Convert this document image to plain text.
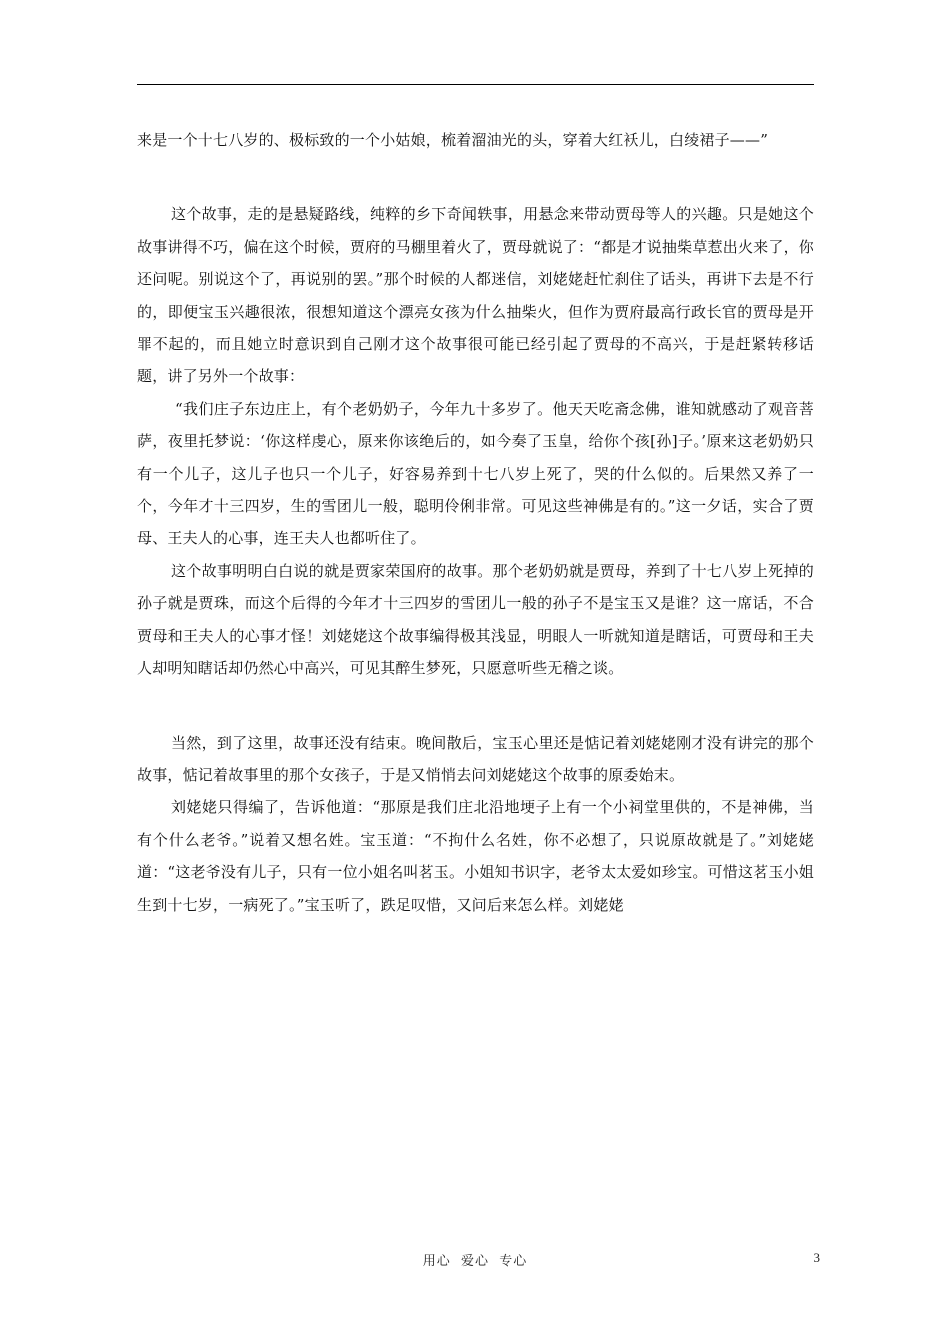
来是一个十七八岁的、极标致的一个小姑娘，梳着溜油光的头，穿着大红袄儿，白绫裙子——”

这个故事，走的是悬疑路线，纯粹的乡下奇闻轶事，用悬念来带动贾母等人的兴趣。只是她这个故事讲得不巧，偏在这个时候，贾府的马棚里着火了，贾母就说了：“都是才说抽柴草惹出火来了，你还问呢。别说这个了，再说别的罢。”那个时候的人都迷信，刘姥姥赶忙刹住了话头，再讲下去是不行的，即便宝玉兴趣很浓，很想知道这个漂亮女孩为什么抽柴火，但作为贾府最高行政长官的贾母是开罪不起的，而且她立时意识到自己刚才这个故事很可能已经引起了贾母的不高兴，于是赶紧转移话题，讲了另外一个故事：

“我们庄子东边庄上，有个老奶奶子，今年九十多岁了。他天天吃斋念佛，谁知就感动了观音菩萨，夜里托梦说：‘你这样虔心，原来你该绝后的，如今奏了玉皇，给你个孩[孙]子。’原来这老奶奶只有一个儿子，这儿子也只一个儿子，好容易养到十七八岁上死了，哭的什么似的。后果然又养了一个，今年才十三四岁，生的雪团儿一般，聪明伶俐非常。可见这些神佛是有的。”这一夕话，实合了贾母、王夫人的心事，连王夫人也都听住了。

这个故事明明白白说的就是贾家荣国府的故事。那个老奶奶就是贾母，养到了十七八岁上死掉的孙子就是贾珠，而这个后得的今年才十三四岁的雪团儿一般的孙子不是宝玉又是谁？这一席话，不合贾母和王夫人的心事才怪！刘姥姥这个故事编得极其浅显，明眼人一听就知道是瞎话，可贾母和王夫人却明知瞎话却仍然心中高兴，可见其醉生梦死，只愿意听些无稽之谈。

当然，到了这里，故事还没有结束。晚间散后，宝玉心里还是惦记着刘姥姥刚才没有讲完的那个故事，惦记着故事里的那个女孩子，于是又悄悄去问刘姥姥这个故事的原委始末。

刘姥姥只得编了，告诉他道：“那原是我们庄北沿地埂子上有一个小祠堂里供的，不是神佛，当有个什么老爷。”说着又想名姓。宝玉道：“不拘什么名姓，你不必想了，只说原故就是了。”刘姥姥道：“这老爷没有儿子，只有一位小姐名叫茗玉。小姐知书识字，老爷太太爱如珍宝。可惜这茗玉小姐生到十七岁，一病死了。”宝玉听了，跌足叹惜，又问后来怎么样。刘姥姥

用心  爱心  专心	3
